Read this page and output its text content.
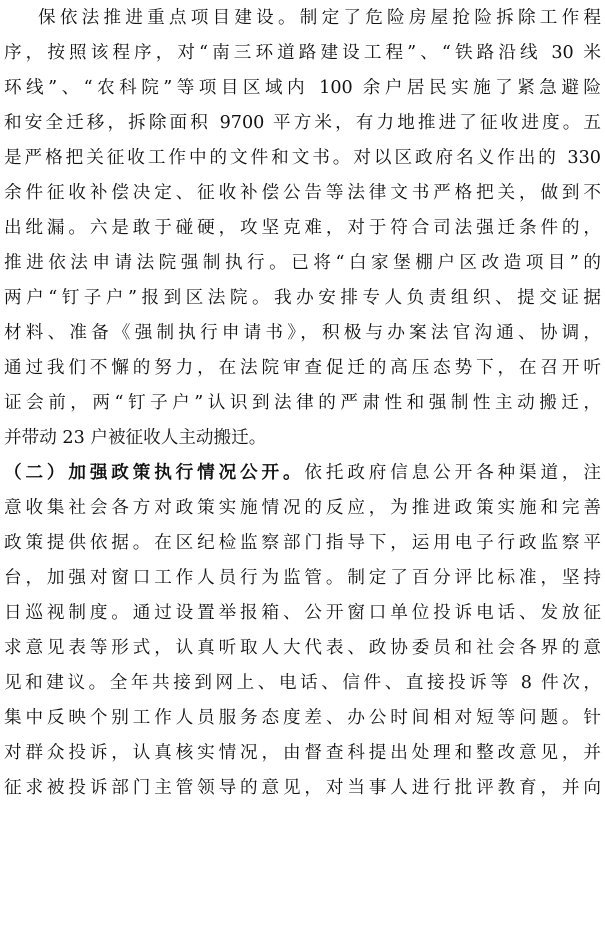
保依法推进重点项目建设。制定了危险房屋抢险拆除工作程
序，按照该程序，对“南三环道路建设工程”、“铁路沿线 30 米
环线”、“农科院”等项目区域内 100 余户居民实施了紧急避险
和安全迁移，拆除面积 9700 平方米，有力地推进了征收进度。五
是严格把关征收工作中的文件和文书。对以区政府名义作出的 330
余件征收补偿决定、征收补偿公告等法律文书严格把关，做到不
出纰漏。六是敢于碰硬，攻坚克难，对于符合司法强迁条件的，
推进依法申请法院强制执行。已将“白家堡棚户区改造项目”的
两户“钉子户”报到区法院。我办安排专人负责组织、提交证据
材料、准备《强制执行申请书》，积极与办案法官沟通、协调，
通过我们不懈的努力，在法院审查促迁的高压态势下，在召开听
证会前，两“钉子户”认识到法律的严肃性和强制性主动搬迁，
并带动 23 户被征收人主动搬迁。
（二）加强政策执行情况公开。依托政府信息公开各种渠道，注
意收集社会各方对政策实施情况的反应，为推进政策实施和完善
政策提供依据。在区纪检监察部门指导下，运用电子行政监察平
台，加强对窗口工作人员行为监管。制定了百分评比标准，坚持
日巡视制度。通过设置举报箱、公开窗口单位投诉电话、发放征
求意见表等形式，认真听取人大代表、政协委员和社会各界的意
见和建议。全年共接到网上、电话、信件、直接投诉等 8 件次，
集中反映个别工作人员服务态度差、办公时间相对短等问题。针
对群众投诉，认真核实情况，由督查科提出处理和整改意见，并
征求被投诉部门主管领导的意见，对当事人进行批评教育，并向
